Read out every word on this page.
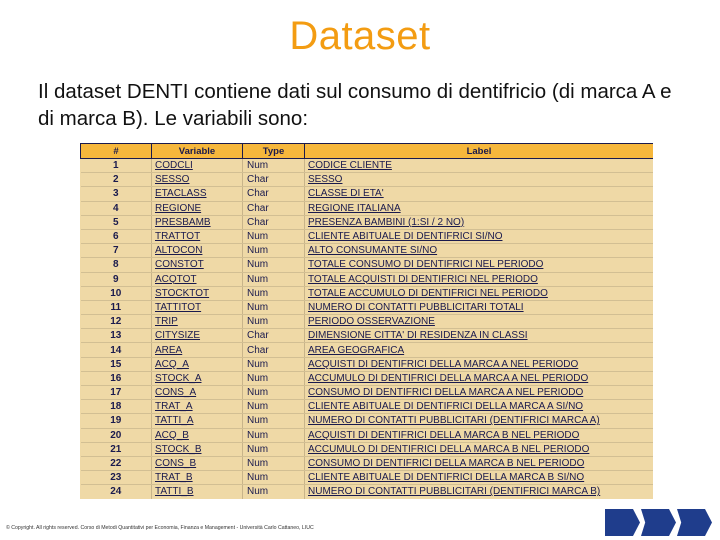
Dataset
Il dataset DENTI contiene dati sul consumo di dentifricio (di marca A e di marca B). Le variabili sono:
#	Variable	Type	Label
1	CODCLI	Num	CODICE CLIENTE
2	SESSO	Char	SESSO
3	ETACLASS	Char	CLASSE DI ETA'
4	REGIONE	Char	REGIONE ITALIANA
5	PRESBAMB	Char	PRESENZA BAMBINI (1:SI / 2 NO)
6	TRATTOT	Num	CLIENTE ABITUALE DI DENTIFRICI SI/NO
7	ALTOCON	Num	ALTO CONSUMANTE SI/NO
8	CONSTOT	Num	TOTALE CONSUMO DI DENTIFRICI NEL PERIODO
9	ACQTOT	Num	TOTALE ACQUISTI DI DENTIFRICI NEL PERIODO
10	STOCKTOT	Num	TOTALE ACCUMULO DI DENTIFRICI NEL PERIODO
11	TATTITOT	Num	NUMERO DI CONTATTI PUBBLICITARI TOTALI
12	TRIP	Num	PERIODO OSSERVAZIONE
13	CITYSIZE	Char	DIMENSIONE CITTA' DI RESIDENZA IN CLASSI
14	AREA	Char	AREA GEOGRAFICA
15	ACQ_A	Num	ACQUISTI DI DENTIFRICI DELLA MARCA A NEL PERIODO
16	STOCK_A	Num	ACCUMULO DI DENTIFRICI DELLA MARCA A NEL PERIODO
17	CONS_A	Num	CONSUMO DI DENTIFRICI DELLA MARCA A NEL PERIODO
18	TRAT_A	Num	CLIENTE ABITUALE DI DENTIFRICI DELLA MARCA A SI/NO
19	TATTI_A	Num	NUMERO DI CONTATTI PUBBLICITARI (DENTIFRICI MARCA A)
20	ACQ_B	Num	ACQUISTI DI DENTIFRICI DELLA MARCA B NEL PERIODO
21	STOCK_B	Num	ACCUMULO DI DENTIFRICI DELLA MARCA B NEL PERIODO
22	CONS_B	Num	CONSUMO DI DENTIFRICI DELLA MARCA B NEL PERIODO
23	TRAT_B	Num	CLIENTE ABITUALE DI DENTIFRICI DELLA MARCA B SI/NO
24	TATTI_B	Num	NUMERO DI CONTATTI PUBBLICITARI (DENTIFRICI MARCA B)
© Copyright. All rights reserved. Corso di Metodi Quantitativi per Economia, Finanza e Management - Università Carlo Cattaneo, LIUC
